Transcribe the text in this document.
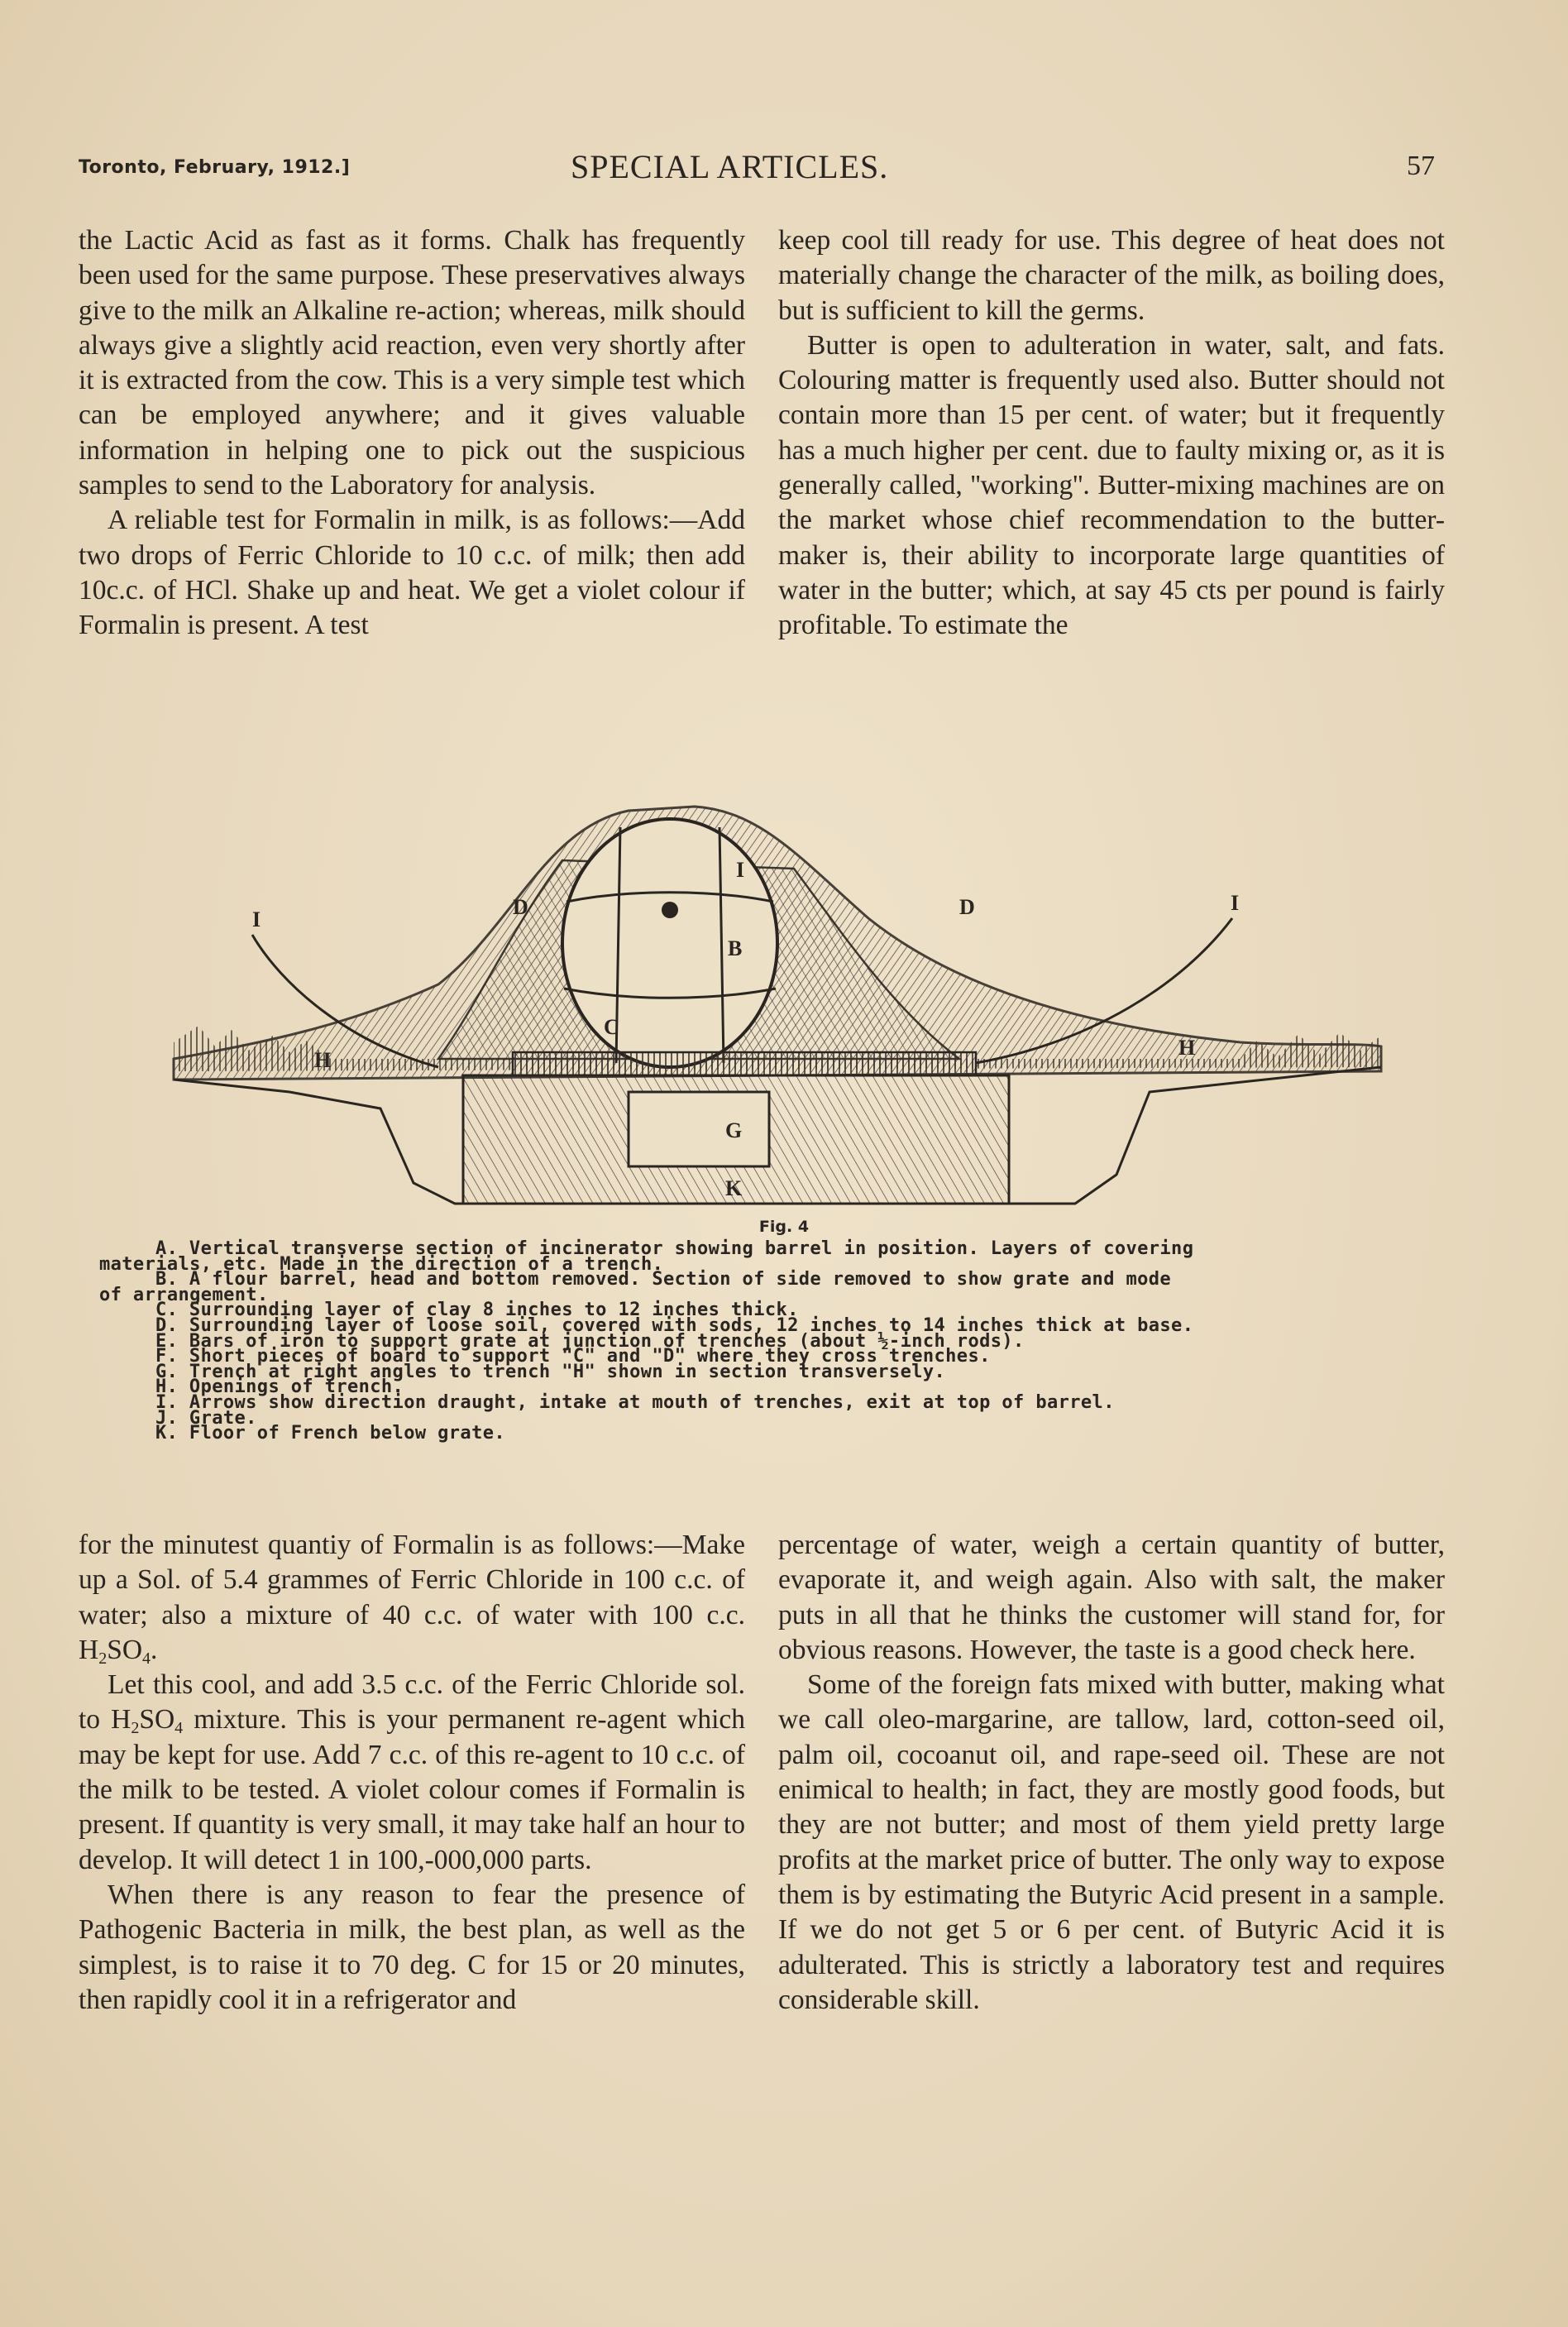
Toronto, February, 1912.]	SPECIAL ARTICLES.	57

the Lactic Acid as fast as it forms. Chalk has frequently been used for the same purpose. These preservatives always give to the milk an Alkaline re-action; whereas, milk should always give a slightly acid reaction, even very shortly after it is extracted from the cow. This is a very simple test which can be employed anywhere; and it gives valuable information in helping one to pick out the suspicious samples to send to the Laboratory for analysis.

A reliable test for Formalin in milk, is as follows:—Add two drops of Ferric Chloride to 10 c.c. of milk; then add 10c.c. of HCl. Shake up and heat. We get a violet colour if Formalin is present. A test

keep cool till ready for use. This degree of heat does not materially change the character of the milk, as boiling does, but is sufficient to kill the germs.

Butter is open to adulteration in water, salt, and fats. Colouring matter is frequently used also. Butter should not contain more than 15 per cent. of water; but it frequently has a much higher per cent. due to faulty mixing or, as it is generally called, ''working''. Butter-mixing machines are on the market whose chief recommendation to the butter-maker is, their ability to incorporate large quantities of water in the butter; which, at say 45 cts per pound is fairly profitable. To estimate the

I
I
I
D	D
C
B
H
H
G
K
Fig. 4
A. Vertical transverse section of incinerator showing barrel in position. Layers of covering
materials, etc. Made in the direction of a trench.
B. A flour barrel, head and bottom removed. Section of side removed to show grate and mode
of arrangement.
C. Surrounding layer of clay 8 inches to 12 inches thick.
D. Surrounding layer of loose soil, covered with sods, 12 inches to 14 inches thick at base.
E. Bars of iron to support grate at junction of trenches (about ½-inch rods).
F. Short pieces of board to support "C" and "D" where they cross trenches.
G. Trench at right angles to trench "H" shown in section transversely.
H. Openings of trench.
I. Arrows show direction draught, intake at mouth of trenches, exit at top of barrel.
J. Grate.
K. Floor of French below grate.

for the minutest quantiy of Formalin is as follows:—Make up a Sol. of 5.4 grammes of Ferric Chloride in 100 c.c. of water; also a mixture of 40 c.c. of water with 100 c.c. $H_2SO_4$.

Let this cool, and add 3.5 c.c. of the Ferric Chloride sol. to $H_2SO_4$ mixture. This is your permanent re-agent which may be kept for use. Add 7 c.c. of this re-agent to 10 c.c. of the milk to be tested. A violet colour comes if Formalin is present. If quantity is very small, it may take half an hour to develop. It will detect 1 in 100,-000,000 parts.

When there is any reason to fear the presence of Pathogenic Bacteria in milk, the best plan, as well as the simplest, is to raise it to 70 deg. C for 15 or 20 minutes, then rapidly cool it in a refrigerator and

percentage of water, weigh a certain quantity of butter, evaporate it, and weigh again. Also with salt, the maker puts in all that he thinks the customer will stand for, for obvious reasons. However, the taste is a good check here.

Some of the foreign fats mixed with butter, making what we call oleo-margarine, are tallow, lard, cotton-seed oil, palm oil, cocoanut oil, and rape-seed oil. These are not enimical to health; in fact, they are mostly good foods, but they are not butter; and most of them yield pretty large profits at the market price of butter. The only way to expose them is by estimating the Butyric Acid present in a sample. If we do not get 5 or 6 per cent. of Butyric Acid it is adulterated. This is strictly a laboratory test and requires considerable skill.
